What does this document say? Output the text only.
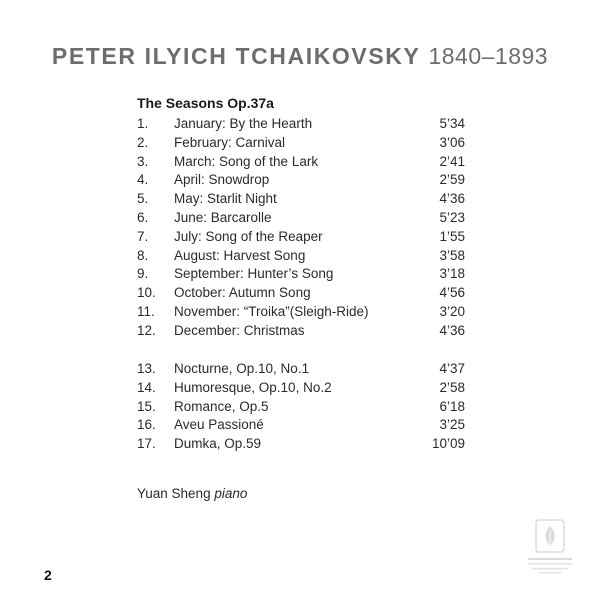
PETER ILYICH TCHAIKOVSKY 1840–1893
The Seasons Op.37a
1. January: By the Hearth	5’34
2. February: Carnival	3’06
3. March: Song of the Lark	2’41
4. April: Snowdrop	2’59
5. May: Starlit Night	4’36
6. June: Barcarolle	5’23
7. July: Song of the Reaper	1’55
8. August: Harvest Song	3’58
9. September: Hunter’s Song	3’18
10. October: Autumn Song	4’56
11. November: “Troika”(Sleigh-Ride)	3’20
12. December: Christmas	4’36
13. Nocturne, Op.10, No.1	4’37
14. Humoresque, Op.10, No.2	2’58
15. Romance, Op.5	6’18
16. Aveu Passioné	3’25
17. Dumka, Op.59	10’09
Yuan Sheng piano
2
